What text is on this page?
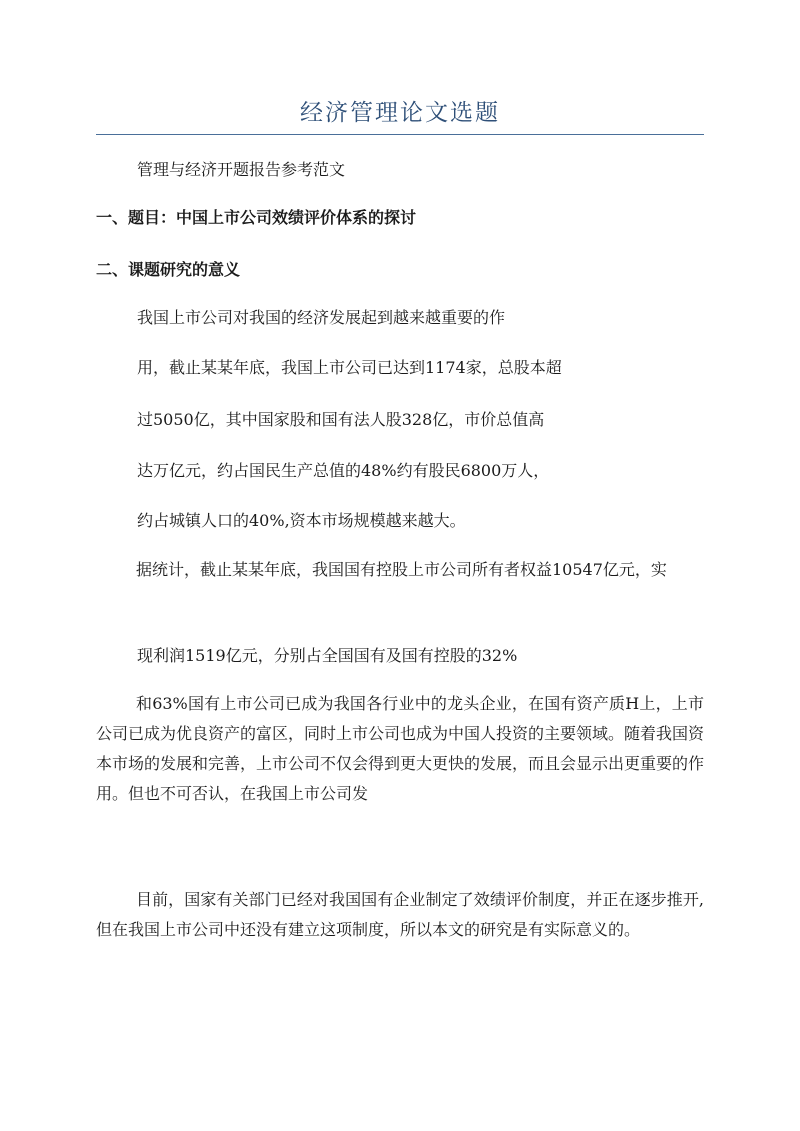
经济管理论文选题

管理与经济开题报告参考范文

一、题目：中国上市公司效绩评价体系的探讨

二、课题研究的意义

我国上市公司对我国的经济发展起到越来越重要的作

用，截止某某年底，我国上市公司已达到1174家，总股本超

过5050亿，其中国家股和国有法人股328亿，市价总值高

达万亿元，约占国民生产总值的48%约有股民6800万人，

约占城镇人口的40%,资本市场规模越来越大。

据统计，截止某某年底，我国国有控股上市公司所有者权益10547亿元，实

现利润1519亿元，分别占全国国有及国有控股的32%

和63%国有上市公司已成为我国各行业中的龙头企业，在国有资产质H上，上市公司已成为优良资产的富区，同时上市公司也成为中国人投资的主要领域。随着我国资本市场的发展和完善，上市公司不仅会得到更大更快的发展，而且会显示出更重要的作用。但也不可否认，在我国上市公司发

目前，国家有关部门已经对我国国有企业制定了效绩评价制度，并正在逐步推开,但在我国上市公司中还没有建立这项制度，所以本文的研究是有实际意义的。
